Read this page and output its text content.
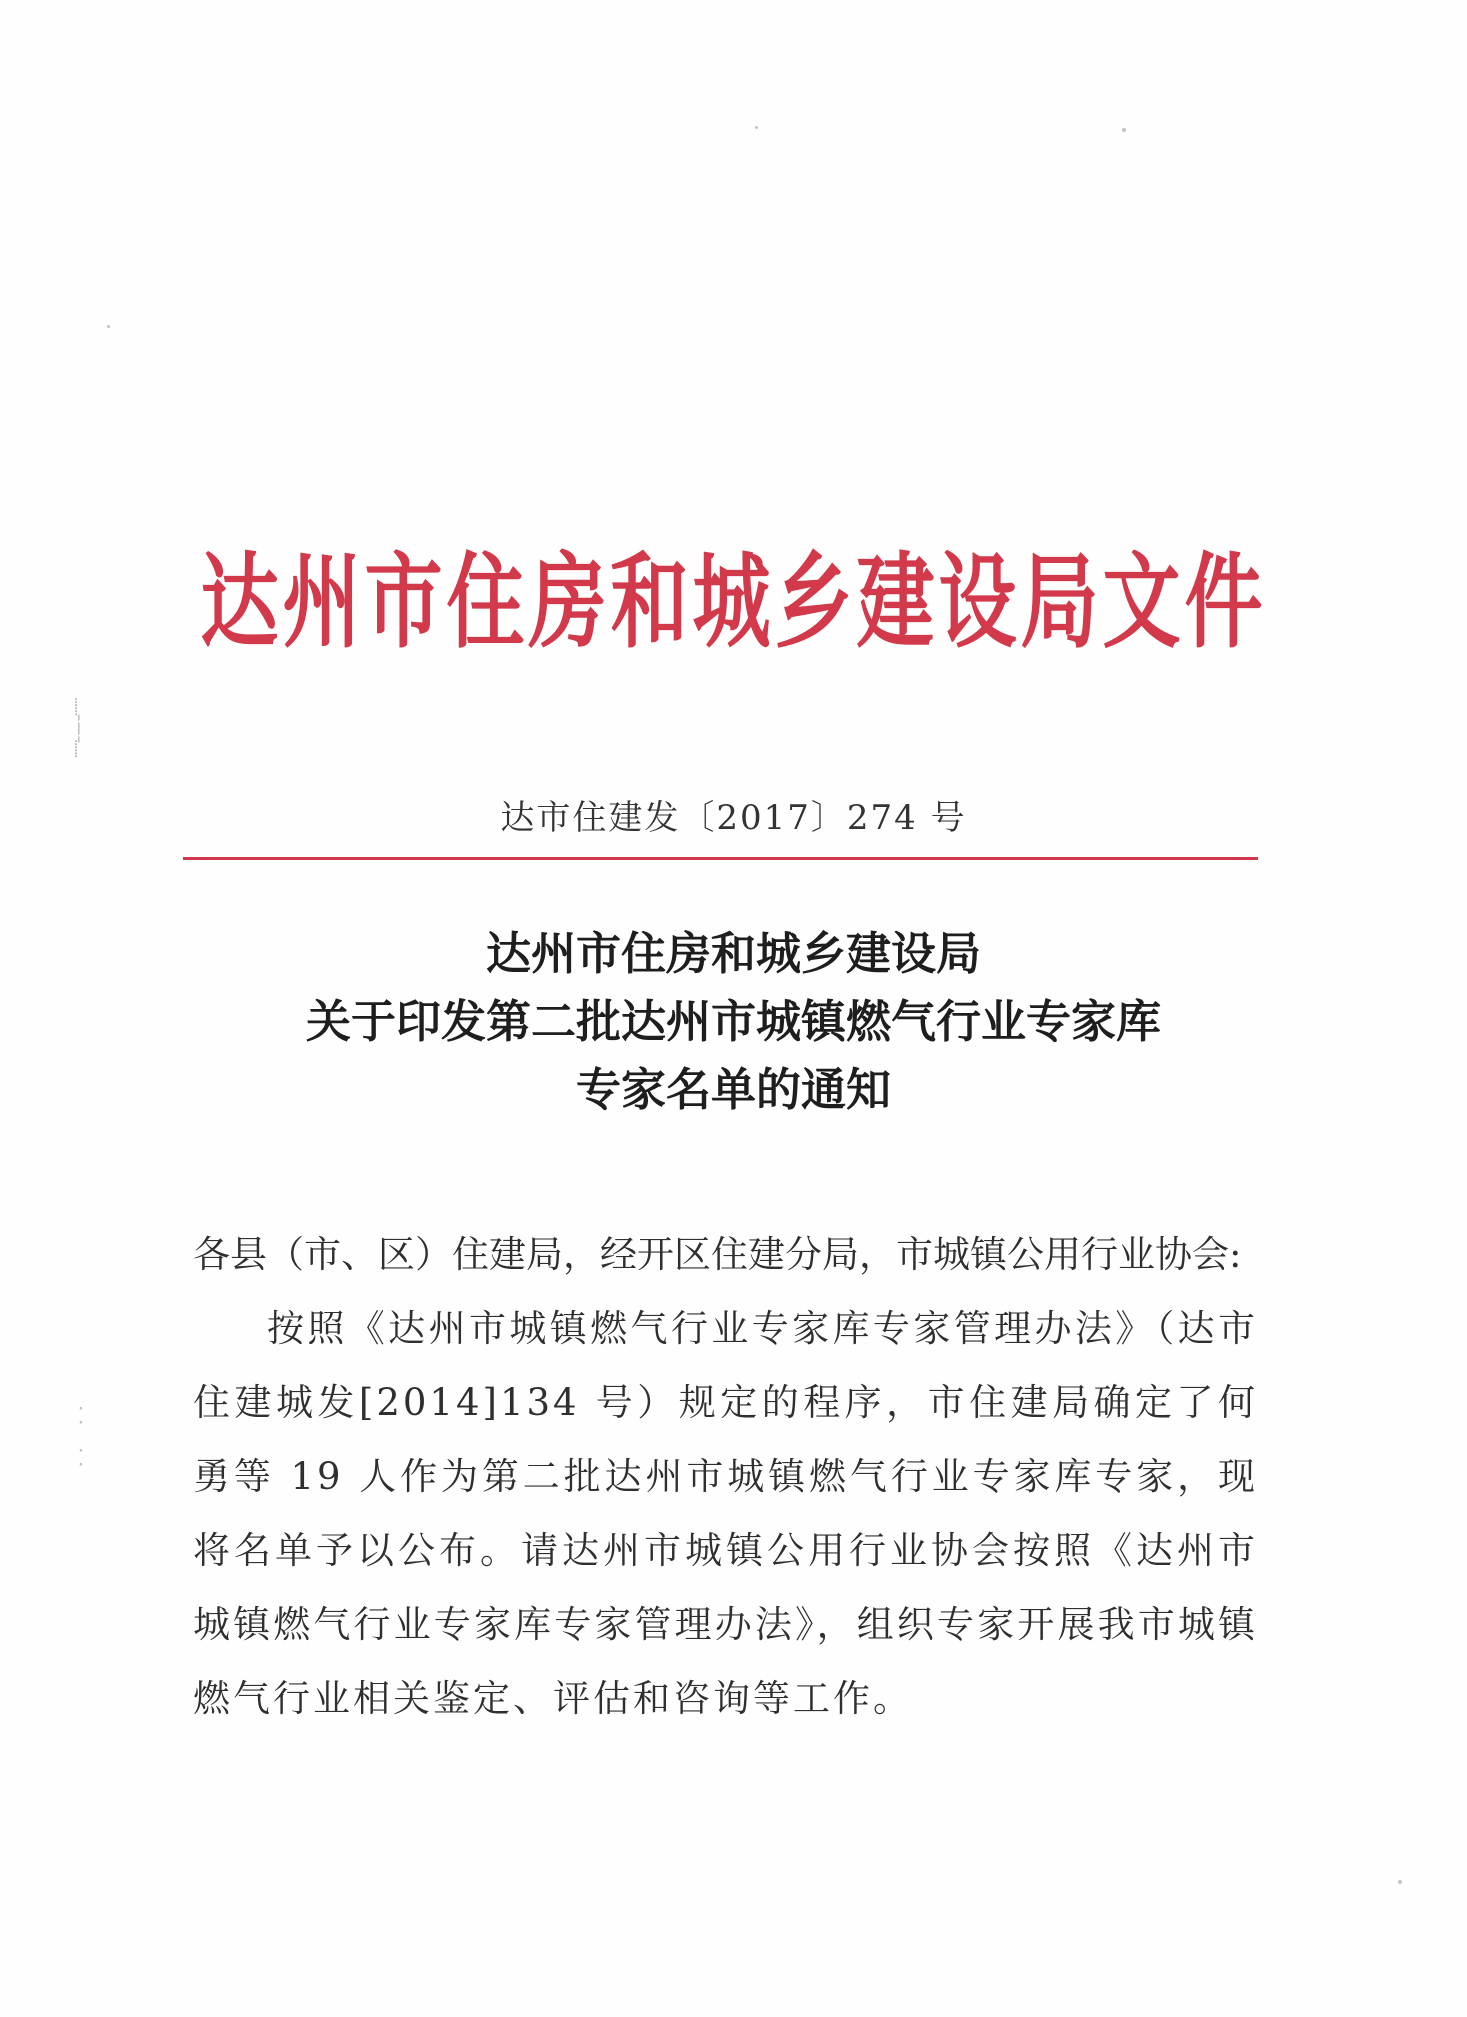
⸽
¦
¦
⸽
·
·

·
·
达州市住房和城乡建设局文件
达市住建发〔2017〕274 号
达州市住房和城乡建设局
关于印发第二批达州市城镇燃气行业专家库
专家名单的通知
各县（市、区）住建局，经开区住建分局，市城镇公用行业协会:
按照《达州市城镇燃气行业专家库专家管理办法》（达市住建城发[2014]134 号）规定的程序，市住建局确定了何勇等 19 人作为第二批达州市城镇燃气行业专家库专家，现将名单予以公布。请达州市城镇公用行业协会按照《达州市城镇燃气行业专家库专家管理办法》，组织专家开展我市城镇燃气行业相关鉴定、评估和咨询等工作。
